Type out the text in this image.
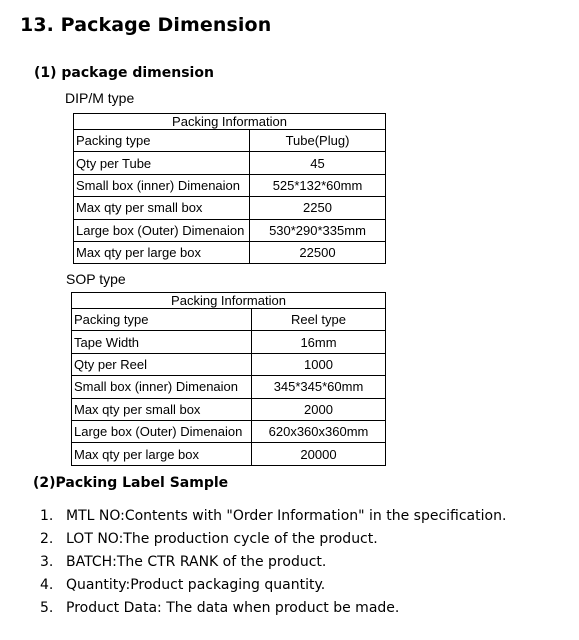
13. Package Dimension
(1) package dimension
DIP/M type
Packing Information	
Packing type	Tube(Plug)
Qty per Tube	45
Small box (inner) Dimenaion	525*132*60mm
Max qty per small box	2250
Large box (Outer) Dimenaion	530*290*335mm
Max qty per large box	22500
SOP type
Packing Information	
Packing type	Reel type
Tape Width	16mm
Qty per Reel	1000
Small box (inner) Dimenaion	345*345*60mm
Max qty per small box	2000
Large box (Outer) Dimenaion	620x360x360mm
Max qty per large box	20000
(2)Packing Label Sample
1. MTL NO:Contents with "Order Information" in the specification.
2. LOT NO:The production cycle of the product.
3. BATCH:The CTR RANK of the product.
4. Quantity:Product packaging quantity.
5. Product Data: The data when product be made.
